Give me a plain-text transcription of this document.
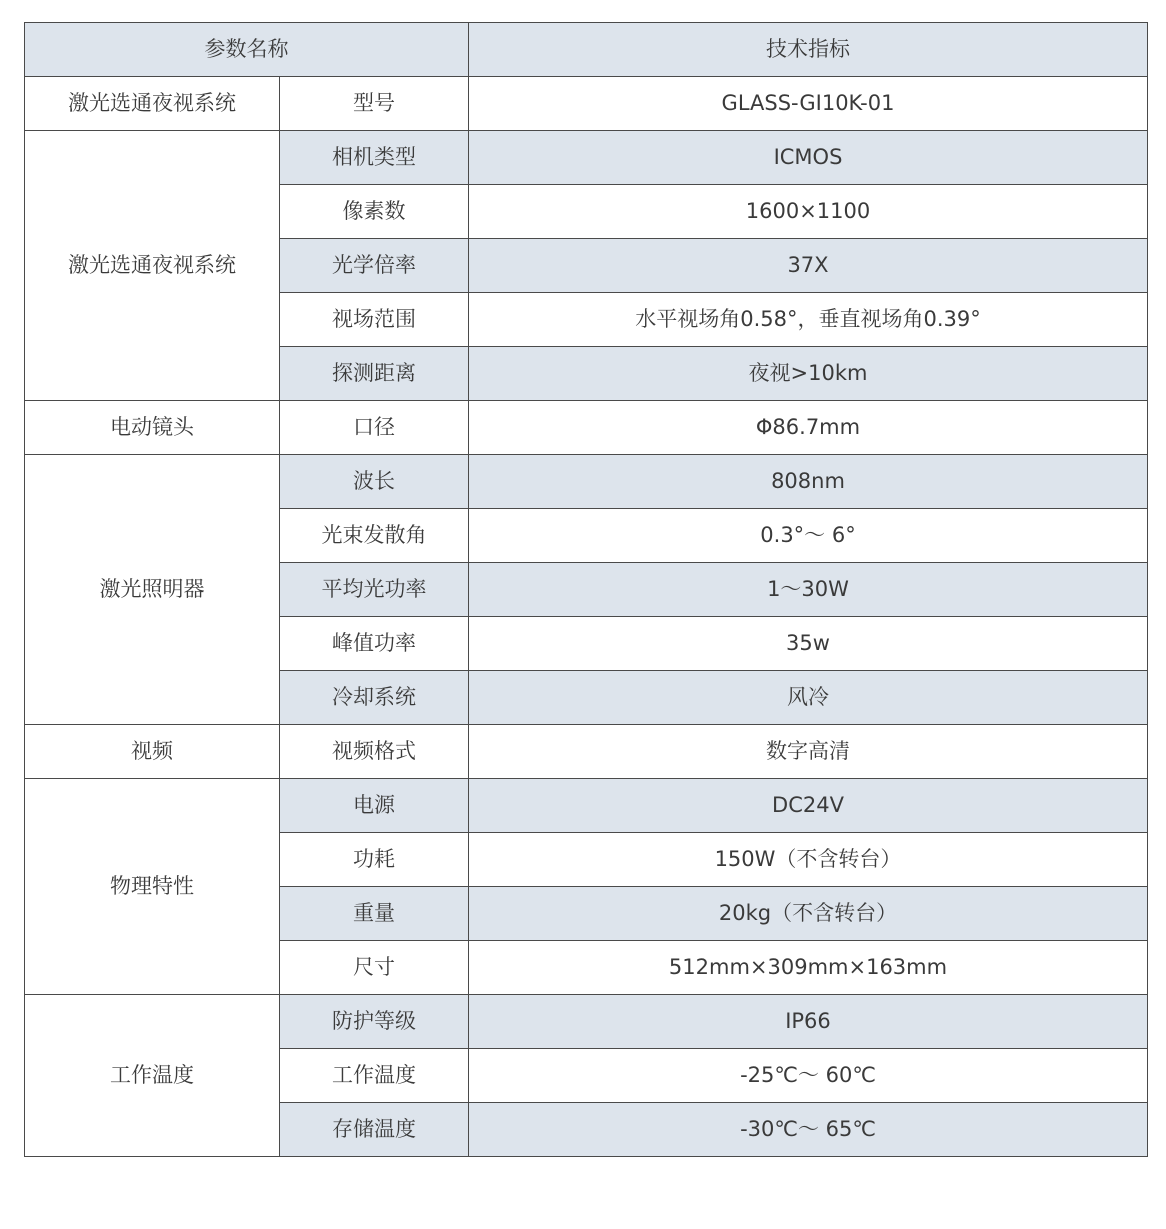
参数名称		技术指标
激光选通夜视系统	型号	GLASS-GI10K-01
激光选通夜视系统	相机类型	ICMOS
	像素数	1600×1100
	光学倍率	37X
	视场范围	水平视场角0.58°，垂直视场角0.39°
	探测距离	夜视>10km
电动镜头	口径	Φ86.7mm
激光照明器	波长	808nm
	光束发散角	0.3°～ 6°
	平均光功率	1～30W
	峰值功率	35w
	冷却系统	风冷
视频	视频格式	数字高清
物理特性	电源	DC24V
	功耗	150W（不含转台）
	重量	20kg（不含转台）
	尺寸	512mm×309mm×163mm
工作温度	防护等级	IP66
	工作温度	-25℃～ 60℃
	存储温度	-30℃～ 65℃
